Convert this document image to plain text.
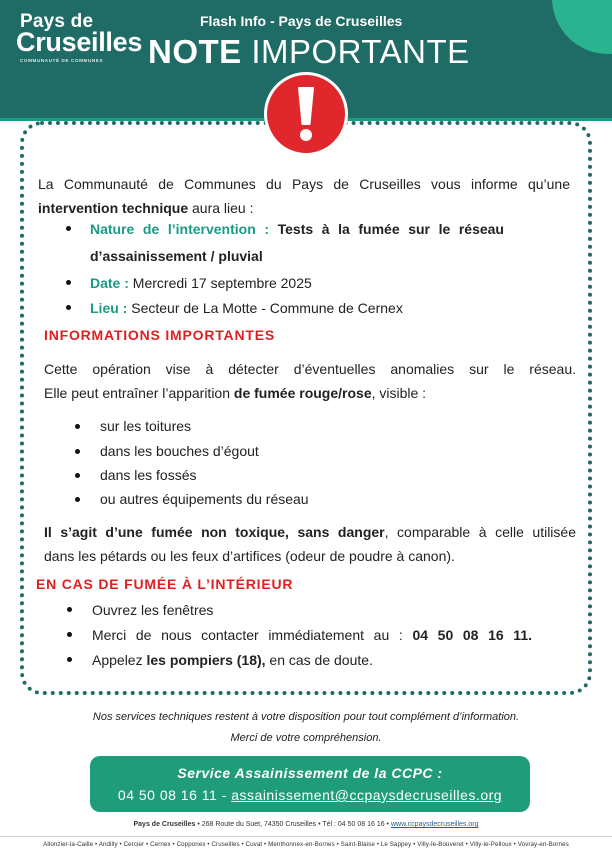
Pays de
Cruseilles
COMMUNAUTÉ DE COMMUNES
Flash Info - Pays de Cruseilles
NOTE IMPORTANTE
La Communauté de Communes du Pays de Cruseilles vous informe qu’une
intervention technique aura lieu :
Nature de l’intervention : Tests à la fumée sur le réseau
d’assainissement / pluvial
Date : Mercredi 17 septembre 2025
Lieu : Secteur de La Motte - Commune de Cernex
INFORMATIONS IMPORTANTES
Cette opération vise à détecter d’éventuelles anomalies sur le réseau.
Elle peut entraîner l’apparition de fumée rouge/rose, visible :
sur les toitures
dans les bouches d’égout
dans les fossés
ou autres équipements du réseau
Il s’agit d’une fumée non toxique, sans danger, comparable à celle utilisée
dans les pétards ou les feux d’artifices (odeur de poudre à canon).
EN CAS DE FUMÉE À L’INTÉRIEUR
Ouvrez les fenêtres
Merci de nous contacter immédiatement au : 04 50 08 16 11.
Appelez les pompiers (18), en cas de doute.
Nos services techniques restent à votre disposition pour tout complément d’information.
Merci de votre compréhension.
Service Assainissement de la CCPC :
04 50 08 16 11 - assainissement@ccpaysdecruseilles.org
Pays de Cruseilles • 268 Route du Suet, 74350 Cruseilles • Tél : 04 50 08 16 16 • www.ccpaysdecruseilles.org
Allonzier-la-Caille • Andilly • Cercier • Cernex • Copponex • Cruseilles • Cuvat • Menthonnex-en-Bornes • Saint-Blaise • Le Sappey • Villy-le-Bouveret • Villy-le-Pelloux • Vovray-en-Bornes
